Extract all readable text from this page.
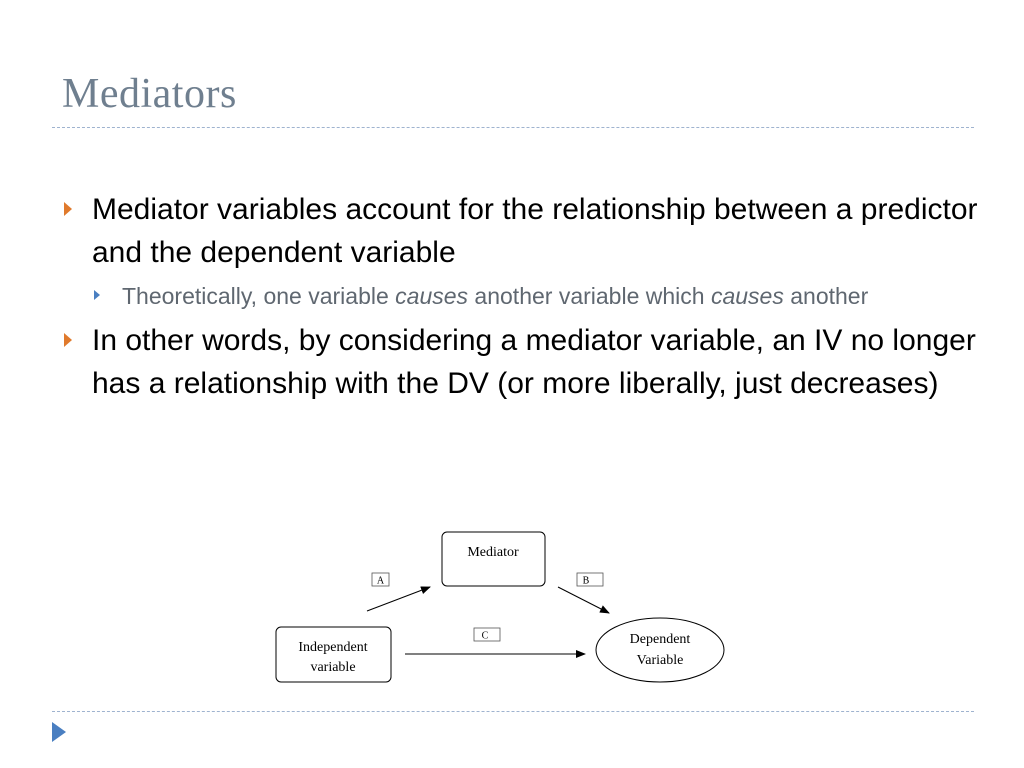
Mediators
Mediator variables account for the relationship between a predictor and the dependent variable
Theoretically, one variable causes another variable which causes another
In other words, by considering a mediator variable, an IV no longer has a relationship with the DV (or more liberally, just decreases)
Mediator
Independent
variable
Dependent
Variable
A	B
C
